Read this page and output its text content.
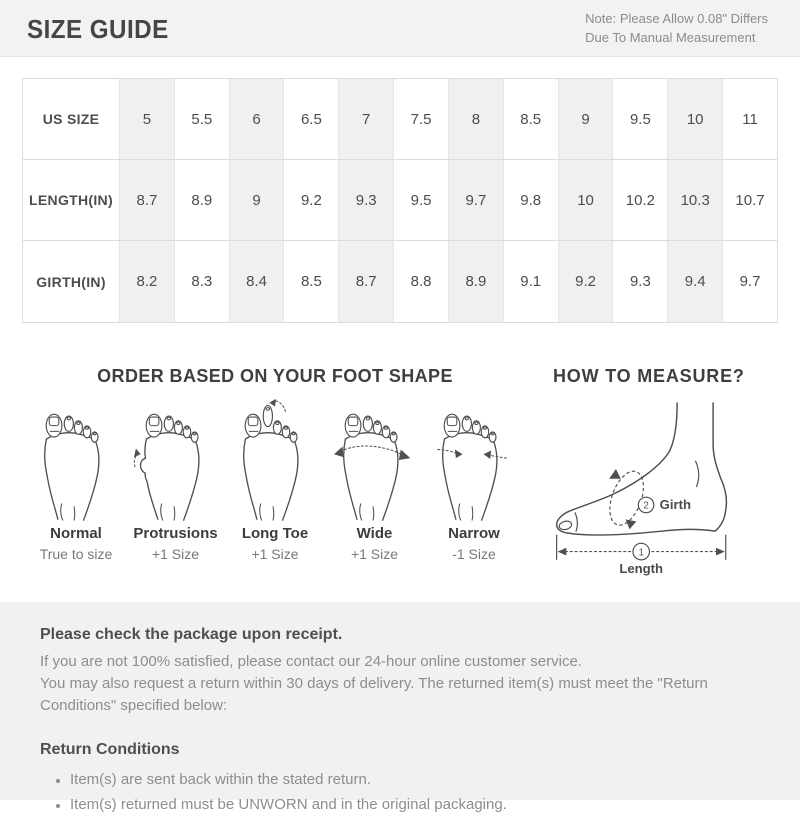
SIZE GUIDE	Note: Please Allow 0.08" Differs
Due To Manual Measurement
US SIZE	5	5.5	6	6.5	7	7.5	8	8.5	9	9.5	10	11
LENGTH(IN)	8.7	8.9	9	9.2	9.3	9.5	9.7	9.8	10	10.2	10.3	10.7
GIRTH(IN)	8.2	8.3	8.4	8.5	8.7	8.8	8.9	9.1	9.2	9.3	9.4	9.7
ORDER BASED ON YOUR FOOT SHAPE
Normal
True to size
Protrusions
+1 Size
Long Toe
+1 Size
Wide
+1 Size
Narrow
-1 Size
HOW TO MEASURE?
2 Girth
1
Length
Please check the package upon receipt.
If you are not 100% satisfied, please contact our 24-hour online customer service.
You may also request a return within 30 days of delivery. The returned item(s) must meet the "Return Conditions" specified below:
Return Conditions
• Item(s) are sent back within the stated return.
• Item(s) returned must be UNWORN and in the original packaging.
